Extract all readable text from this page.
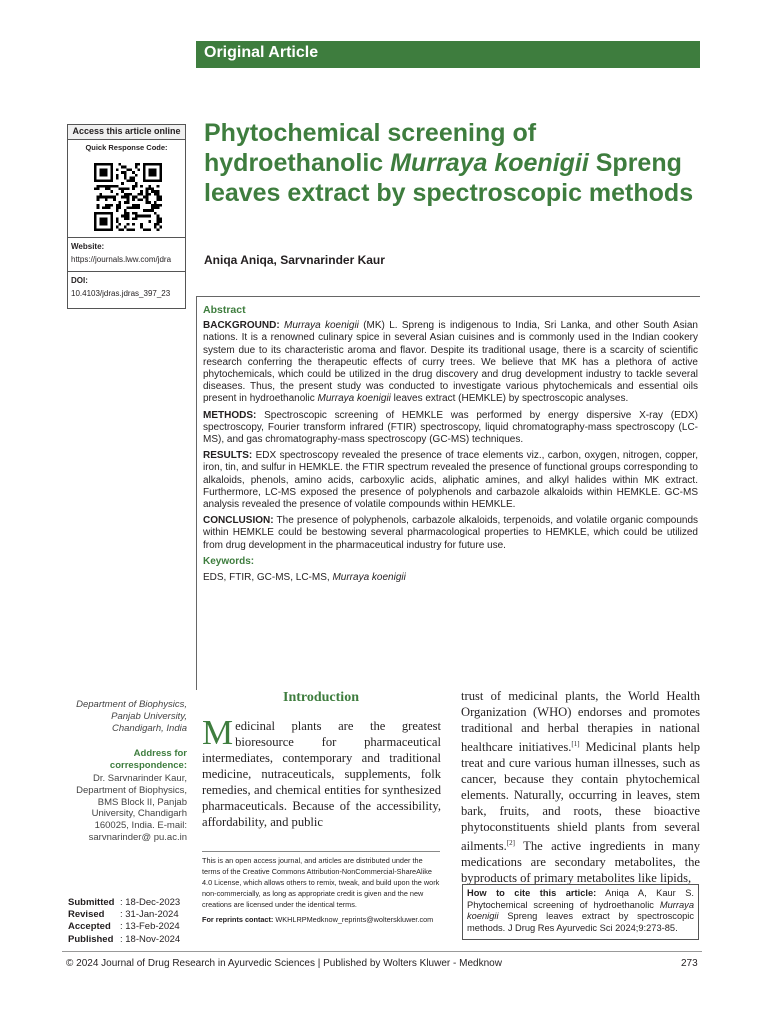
Original Article
Access this article online
Quick Response Code:
Website:
https://journals.lww.com/jdra
DOI:
10.4103/jdras.jdras_397_23
Phytochemical screening of hydroethanolic Murraya koenigii Spreng leaves extract by spectroscopic methods
Aniqa Aniqa, Sarvnarinder Kaur
Abstract

BACKGROUND: Murraya koenigii (MK) L. Spreng is indigenous to India, Sri Lanka, and other South Asian nations. It is a renowned culinary spice in several Asian cuisines and is commonly used in the Indian cookery system due to its characteristic aroma and flavor. Despite its traditional usage, there is a scarcity of scientific research conferring the therapeutic effects of curry trees. We believe that MK has a plethora of active phytochemicals, which could be utilized in the drug discovery and drug development industry to tackle several diseases. Thus, the present study was conducted to investigate various phytochemicals and essential oils present in hydroethanolic Murraya koenigii leaves extract (HEMKLE) by spectroscopic analyses.

METHODS: Spectroscopic screening of HEMKLE was performed by energy dispersive X-ray (EDX) spectroscopy, Fourier transform infrared (FTIR) spectroscopy, liquid chromatography-mass spectroscopy (LC-MS), and gas chromatography-mass spectroscopy (GC-MS) techniques.

RESULTS: EDX spectroscopy revealed the presence of trace elements viz., carbon, oxygen, nitrogen, copper, iron, tin, and sulfur in HEMKLE. the FTIR spectrum revealed the presence of functional groups corresponding to alkaloids, phenols, amino acids, carboxylic acids, aliphatic amines, and alkyl halides within MK extract. Furthermore, LC-MS exposed the presence of polyphenols and carbazole alkaloids within HEMKLE. GC-MS analysis revealed the presence of volatile compounds within HEMKLE.

CONCLUSION: The presence of polyphenols, carbazole alkaloids, terpenoids, and volatile organic compounds within HEMKLE could be bestowing several pharmacological properties to HEMKLE, which could be utilized from drug development in the pharmaceutical industry for future use.

Keywords:
EDS, FTIR, GC-MS, LC-MS, Murraya koenigii
Department of Biophysics, Panjab University, Chandigarh, India
Address for correspondence:
Dr. Sarvnarinder Kaur, Department of Biophysics, BMS Block II, Panjab University, Chandigarh 160025, India. E-mail: sarvnarinder@ pu.ac.in
Submitted	: 18-Dec-2023
Revised	: 31-Jan-2024
Accepted	: 13-Feb-2024
Published	: 18-Nov-2024
Introduction
Medicinal plants are the greatest bioresource for pharmaceutical intermediates, contemporary and traditional medicine, nutraceuticals, supplements, folk remedies, and chemical entities for synthesized pharmaceuticals. Because of the accessibility, affordability, and public
trust of medicinal plants, the World Health Organization (WHO) endorses and promotes traditional and herbal therapies in national healthcare initiatives.[1] Medicinal plants help treat and cure various human illnesses, such as cancer, because they contain phytochemical elements. Naturally, occurring in leaves, stem bark, fruits, and roots, these bioactive phytoconstituents shield plants from several ailments.[2] The active ingredients in many medications are secondary metabolites, the byproducts of primary metabolites like lipids,
This is an open access journal, and articles are distributed under the terms of the Creative Commons Attribution-NonCommercial-ShareAlike 4.0 License, which allows others to remix, tweak, and build upon the work non-commercially, as long as appropriate credit is given and the new creations are licensed under the identical terms.
For reprints contact: WKHLRPMedknow_reprints@wolterskluwer.com
How to cite this article: Aniqa A, Kaur S. Phytochemical screening of hydroethanolic Murraya koenigii Spreng leaves extract by spectroscopic methods. J Drug Res Ayurvedic Sci 2024;9:273-85.
© 2024 Journal of Drug Research in Ayurvedic Sciences | Published by Wolters Kluwer - Medknow	273
